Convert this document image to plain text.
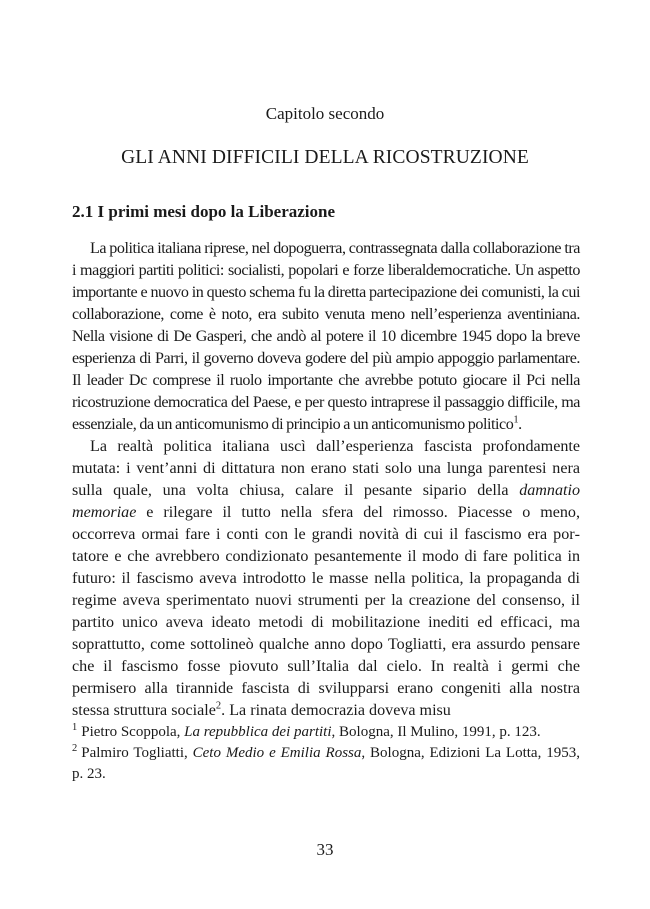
Capitolo secondo
GLI ANNI DIFFICILI DELLA RICOSTRUZIONE
2.1 I primi mesi dopo la Liberazione

La politica italiana riprese, nel dopoguerra, contrassegnata dalla collaborazione tra i maggiori partiti politici: socialisti, popolari e forze liberaldemocratiche. Un aspetto importante e nuovo in questo schema fu la diretta partecipazione dei comunisti, la cui collaborazione, come è noto, era subito venuta meno nell’esperienza aventiniana. Nella visione di De Gasperi, che andò al potere il 10 dicembre 1945 dopo la breve esperienza di Parri, il governo doveva godere del più ampio appoggio parlamentare. Il leader Dc comprese il ruolo importante che avrebbe potuto giocare il Pci nella ricostruzione democratica del Paese, e per questo intraprese il passaggio difficile, ma essenziale, da un anticomunismo di principio a un anticomunismo politico$^1$.

La realtà politica italiana uscì dall’esperienza fascista profondamente mutata: i vent’anni di dittatura non erano stati solo una lunga parentesi nera sulla quale, una volta chiusa, calare il pesante sipario della damnatio memoriae e rilegare il tutto nella sfera del rimosso. Piacesse o meno, occorreva ormai fare i conti con le grandi novità di cui il fascismo era portatore e che avrebbero condizionato pesantemente il modo di fare politica in futuro: il fascismo aveva introdotto le masse nella politica, la propaganda di regime aveva sperimentato nuovi strumenti per la creazione del consenso, il partito unico aveva ideato metodi di mobilitazione inediti ed efficaci, ma soprattutto, come sottolineò qualche anno dopo Togliatti, era assurdo pensare che il fascismo fosse piovuto sull’Italia dal cielo. In realtà i germi che permisero alla tirannide fascista di svilupparsi erano congeniti alla nostra stessa struttura sociale$^2$. La rinata democrazia doveva misu

$^1$ Pietro Scoppola, La repubblica dei partiti, Bologna, Il Mulino, 1991, p. 123.

$^2$ Palmiro Togliatti, Ceto Medio e Emilia Rossa, Bologna, Edizioni La Lotta, 1953, p. 23.

33
